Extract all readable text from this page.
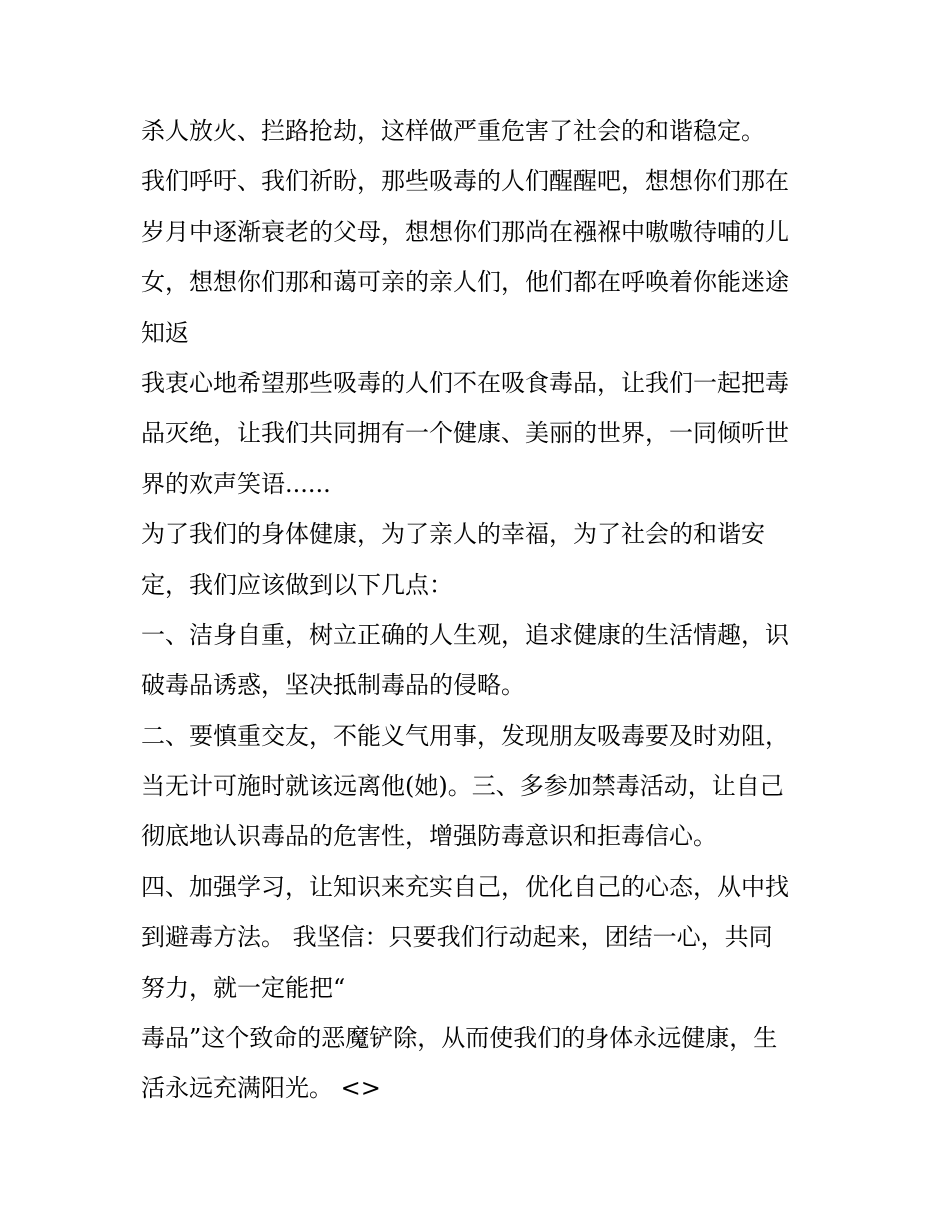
杀人放火、拦路抢劫，这样做严重危害了社会的和谐稳定。
我们呼吁、我们祈盼，那些吸毒的人们醒醒吧，想想你们那在
岁月中逐渐衰老的父母，想想你们那尚在襁褓中嗷嗷待哺的儿
女，想想你们那和蔼可亲的亲人们，他们都在呼唤着你能迷途
知返
我衷心地希望那些吸毒的人们不在吸食毒品，让我们一起把毒
品灭绝，让我们共同拥有一个健康、美丽的世界，一同倾听世
界的欢声笑语......
为了我们的身体健康，为了亲人的幸福，为了社会的和谐安
定，我们应该做到以下几点：
一、洁身自重，树立正确的人生观，追求健康的生活情趣，识
破毒品诱惑，坚决抵制毒品的侵略。
二、要慎重交友，不能义气用事，发现朋友吸毒要及时劝阻，
当无计可施时就该远离他(她)。三、多参加禁毒活动，让自己
彻底地认识毒品的危害性，增强防毒意识和拒毒信心。
四、加强学习，让知识来充实自己，优化自己的心态，从中找
到避毒方法。 我坚信：只要我们行动起来，团结一心，共同
努力，就一定能把“
毒品”这个致命的恶魔铲除，从而使我们的身体永远健康，生
活永远充满阳光。 <>
